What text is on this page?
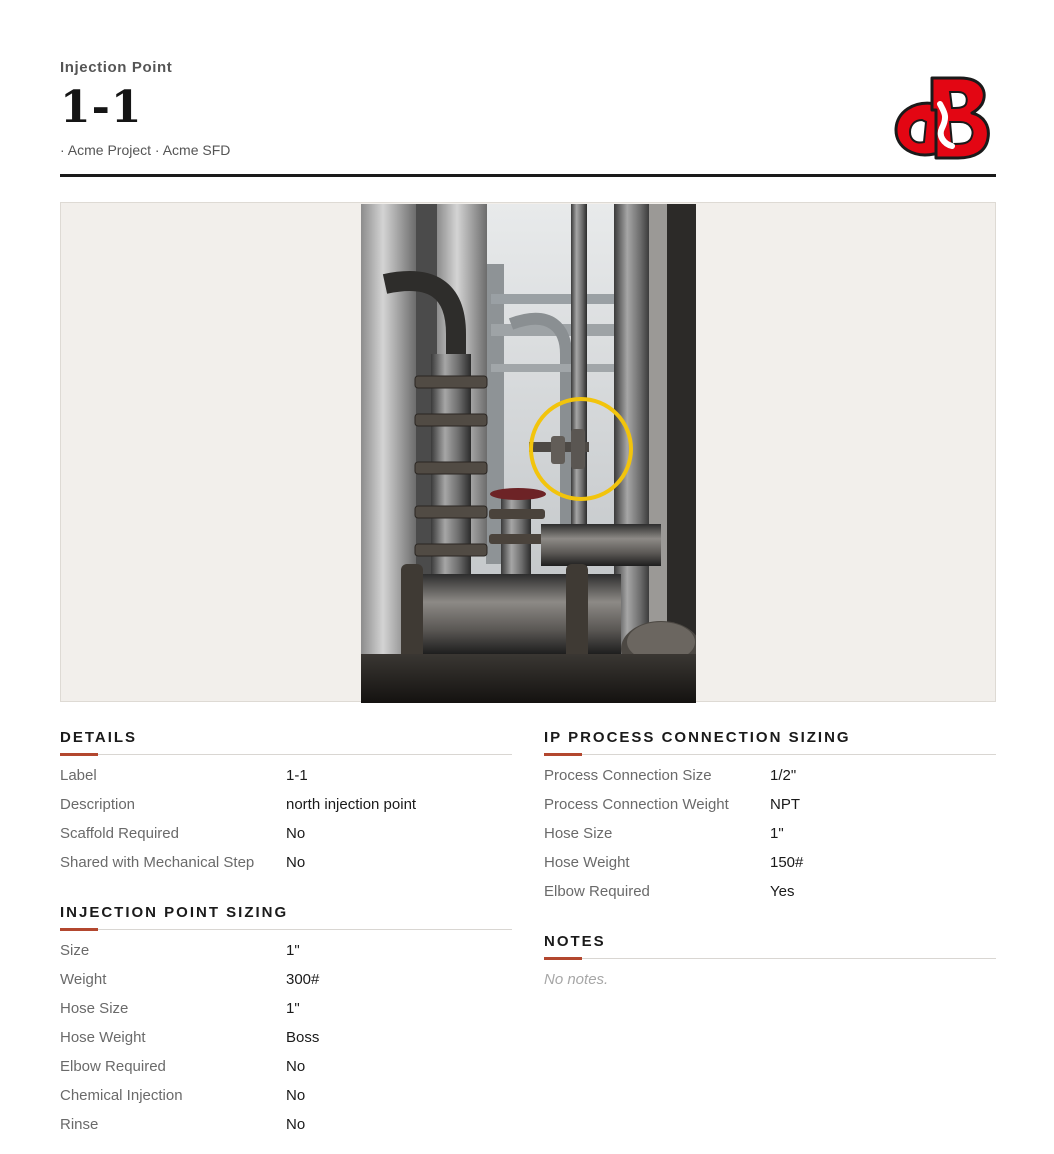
Injection Point
1-1
· Acme Project · Acme SFD
DETAILS
Label	1-1
Description	north injection point
Scaffold Required	No
Shared with Mechanical Step	No
INJECTION POINT SIZING
Size	1"
Weight	300#
Hose Size	1"
Hose Weight	Boss
Elbow Required	No
Chemical Injection	No
Rinse	No
IP PROCESS CONNECTION SIZING
Process Connection Size	1/2"
Process Connection Weight	NPT
Hose Size	1"
Hose Weight	150#
Elbow Required	Yes
NOTES
No notes.
